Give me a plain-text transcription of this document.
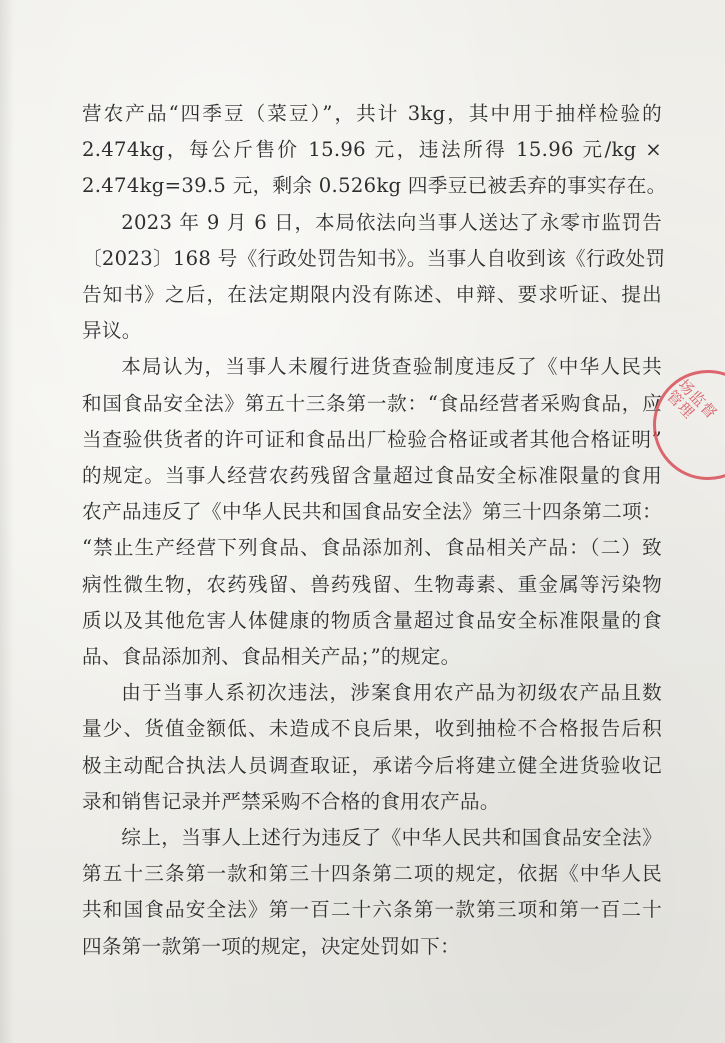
营农产品“四季豆（菜豆）”，共计 3kg，其中用于抽样检验的
2.474kg，每公斤售价 15.96 元，违法所得 15.96 元/kg ×
2.474kg=39.5 元，剩余 0.526kg 四季豆已被丢弃的事实存在。

2023 年 9 月 6 日，本局依法向当事人送达了永零市监罚告
〔2023〕168 号《行政处罚告知书》。当事人自收到该《行政处罚
告知书》之后，在法定期限内没有陈述、申辩、要求听证、提出
异议。

本局认为，当事人未履行进货查验制度违反了《中华人民共
和国食品安全法》第五十三条第一款：“食品经营者采购食品，应
当查验供货者的许可证和食品出厂检验合格证或者其他合格证明”
的规定。当事人经营农药残留含量超过食品安全标准限量的食用
农产品违反了《中华人民共和国食品安全法》第三十四条第二项：
“禁止生产经营下列食品、食品添加剂、食品相关产品：（二）致
病性微生物，农药残留、兽药残留、生物毒素、重金属等污染物
质以及其他危害人体健康的物质含量超过食品安全标准限量的食
品、食品添加剂、食品相关产品；”的规定。

由于当事人系初次违法，涉案食用农产品为初级农产品且数
量少、货值金额低、未造成不良后果，收到抽检不合格报告后积
极主动配合执法人员调查取证，承诺今后将建立健全进货验收记
录和销售记录并严禁采购不合格的食用农产品。

综上，当事人上述行为违反了《中华人民共和国食品安全法》
第五十三条第一款和第三十四条第二项的规定，依据《中华人民
共和国食品安全法》第一百二十六条第一款第三项和第一百二十
四条第一款第一项的规定，决定处罚如下：

场监督管理
